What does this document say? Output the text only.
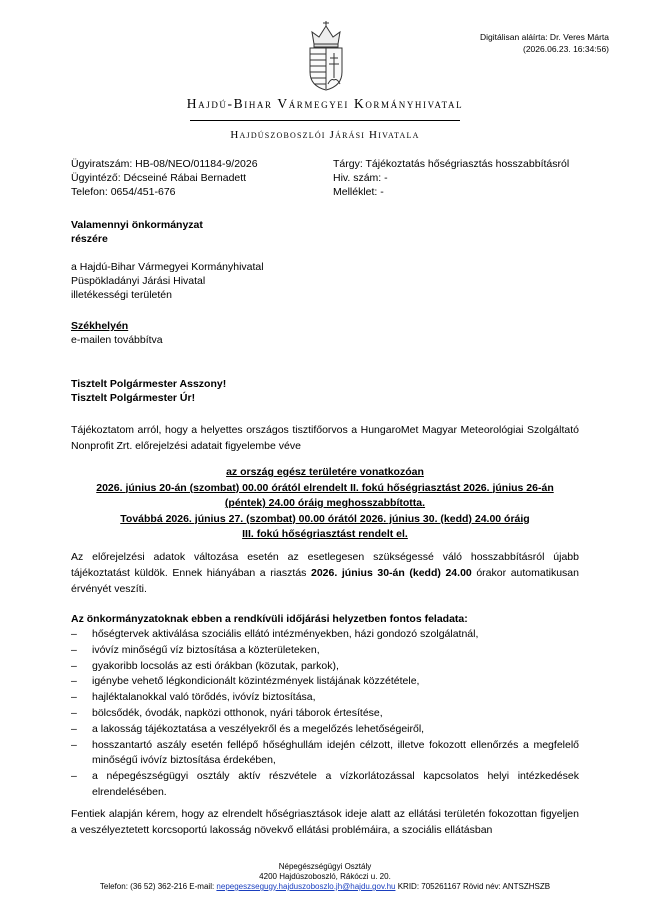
Digitálisan aláírta: Dr. Veres Márta
(2026.06.23. 16:34:56)
Hajdú-Bihar Vármegyei Kormányhivatal
Hajdúszoboszlói Járási Hivatala
Ügyiratszám: HB-08/NEO/01184-9/2026
Ügyintéző: Décseiné Rábai Bernadett
Telefon: 0654/451-676
Tárgy: Tájékoztatás hőségriasztás hosszabbításról
Hiv. szám: -
Melléklet: -
Valamennyi önkormányzat
részére
a Hajdú-Bihar Vármegyei Kormányhivatal
Püspökladányi Járási Hivatal
illetékességi területén
Székhelyén
e-mailen továbbítva
Tisztelt Polgármester Asszony!
Tisztelt Polgármester Úr!
Tájékoztatom arról, hogy a helyettes országos tisztifőorvos a HungaroMet Magyar Meteorológiai Szolgáltató Nonprofit Zrt. előrejelzési adatait figyelembe véve
az ország egész területére vonatkozóan
2026. június 20-án (szombat) 00.00 órától elrendelt II. fokú hőségriasztást 2026. június 26-án
(péntek) 24.00 óráig meghosszabbította.
Továbbá 2026. június 27. (szombat) 00.00 órától 2026. június 30. (kedd) 24.00 óráig
III. fokú hőségriasztást rendelt el.
Az előrejelzési adatok változása esetén az esetlegesen szükségessé váló hosszabbításról újabb tájékoztatást küldök. Ennek hiányában a riasztás 2026. június 30-án (kedd) 24.00 órakor automatikusan érvényét veszíti.
Az önkormányzatoknak ebben a rendkívüli időjárási helyzetben fontos feladata:
– hőségtervek aktiválása szociális ellátó intézményekben, házi gondozó szolgálatnál,
– ivóvíz minőségű víz biztosítása a közterületeken,
– gyakoribb locsolás az esti órákban (közutak, parkok),
– igénybe vehető légkondicionált közintézmények listájának közzététele,
– hajléktalanokkal való törődés, ivóvíz biztosítása,
– bölcsődék, óvodák, napközi otthonok, nyári táborok értesítése,
– a lakosság tájékoztatása a veszélyekről és a megelőzés lehetőségeiről,
– hosszantartó aszály esetén fellépő hőséghullám idején célzott, illetve fokozott ellenőrzés a megfelelő minőségű ivóvíz biztosítása érdekében,
– a népegészségügyi osztály aktív részvétele a vízkorlátozással kapcsolatos helyi intézkedések elrendelésében.
Fentiek alapján kérem, hogy az elrendelt hőségriasztások ideje alatt az ellátási területén fokozottan figyeljen a veszélyeztetett korcsoportú lakosság növekvő ellátási problémáira, a szociális ellátásban
Népegészségügyi Osztály
4200 Hajdúszoboszló, Rákóczi u. 20.
Telefon: (36 52) 362-216 E-mail: nepegeszsegugy.hajduszoboszlo.jh@hajdu.gov.hu KRID: 705261167 Rövid név: ANTSZHSZB
